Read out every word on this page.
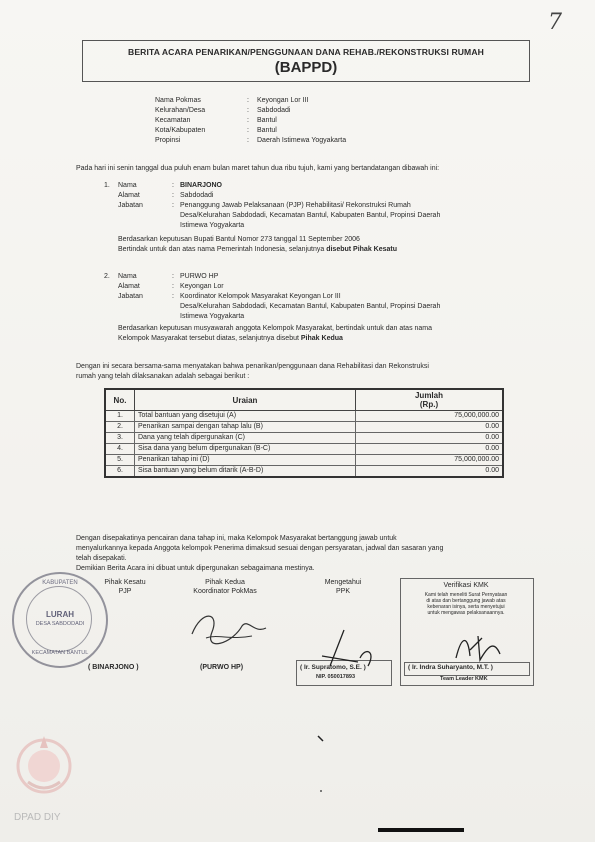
7
BERITA ACARA PENARIKAN/PENGGUNAAN DANA REHAB./REKONSTRUKSI RUMAH
(BAPPD)
Nama Pokmas	:	Keyongan Lor III
Kelurahan/Desa	:	Sabdodadi
Kecamatan	:	Bantul
Kota/Kabupaten	:	Bantul
Propinsi	:	Daerah Istimewa Yogyakarta
Pada hari ini senin tanggal dua puluh enam bulan maret tahun dua ribu tujuh, kami yang bertandatangan dibawah ini:
1.	Nama	: BINARJONO
Alamat	: Sabdodadi
Jabatan	: Penanggung Jawab Pelaksanaan (PJP) Rehabilitasi/ Rekonstruksi Rumah
Desa/Kelurahan Sabdodadi, Kecamatan Bantul, Kabupaten Bantul, Propinsi Daerah
Istimewa Yogyakarta
Berdasarkan keputusan Bupati Bantul Nomor 273 tanggal 11 September 2006
Bertindak untuk dan atas nama Pemerintah Indonesia, selanjutnya
disebut Pihak Kesatu
2.	Nama	: PURWO HP
Alamat	: Keyongan Lor
Jabatan	: Koordinator Kelompok Masyarakat Keyongan Lor III
Desa/Kelurahan Sabdodadi, Kecamatan Bantul, Kabupaten Bantul, Propinsi Daerah
Istimewa Yogyakarta
Berdasarkan keputusan musyawarah anggota Kelompok Masyarakat, bertindak untuk dan atas nama
Kelompok Masyarakat tersebut diatas, selanjutnya disebut
Pihak Kedua
Dengan ini secara bersama-sama menyatakan bahwa penarikan/penggunaan dana Rehabilitasi dan Rekonstruksi
rumah yang telah dilaksanakan adalah sebagai berikut :
No.	Uraian	Jumlah
(Rp.)

1.	Total bantuan yang disetujui (A)	75,000,000.00
2.	Penarikan sampai dengan tahap lalu (B)	0.00
3.	Dana yang telah dipergunakan (C)	0.00
4.	Sisa dana yang belum dipergunakan (B-C)	0.00
5.	Penarikan tahap ini (D)	75,000,000.00
6.	Sisa bantuan yang belum ditarik (A-B-D)	0.00
Dengan disepakatinya pencairan dana tahap ini, maka Kelompok Masyarakat bertanggung jawab untuk
menyalurkannya kepada Anggota kelompok Penerima dimaksud sesuai dengan persyaratan, jadwal dan sasaran yang
telah disepakati.
Demikian Berita Acara ini dibuat untuk dipergunakan sebagaimana mestinya.
Pihak Kesatu
PJP
( BINARJONO )
Pihak Kedua
Koordinator PokMas
(PURWO HP)
Mengetahui
PPK
( Ir. Supratomo, S.E. )
NIP. 050017893
Verifikasi KMK
Kami telah meneliti Surat Pernyataan
di atas dan bertanggung jawab atas
kebenaran isinya, serta menyetujui
untuk mengawas pelaksanaannya.
( Ir. Indra Suharyanto, M.T. )
Team Leader KMK
KABUPATEN
LURAH
DESA SABDODADI
KECAMATAN BANTUL
DPAD DIY
